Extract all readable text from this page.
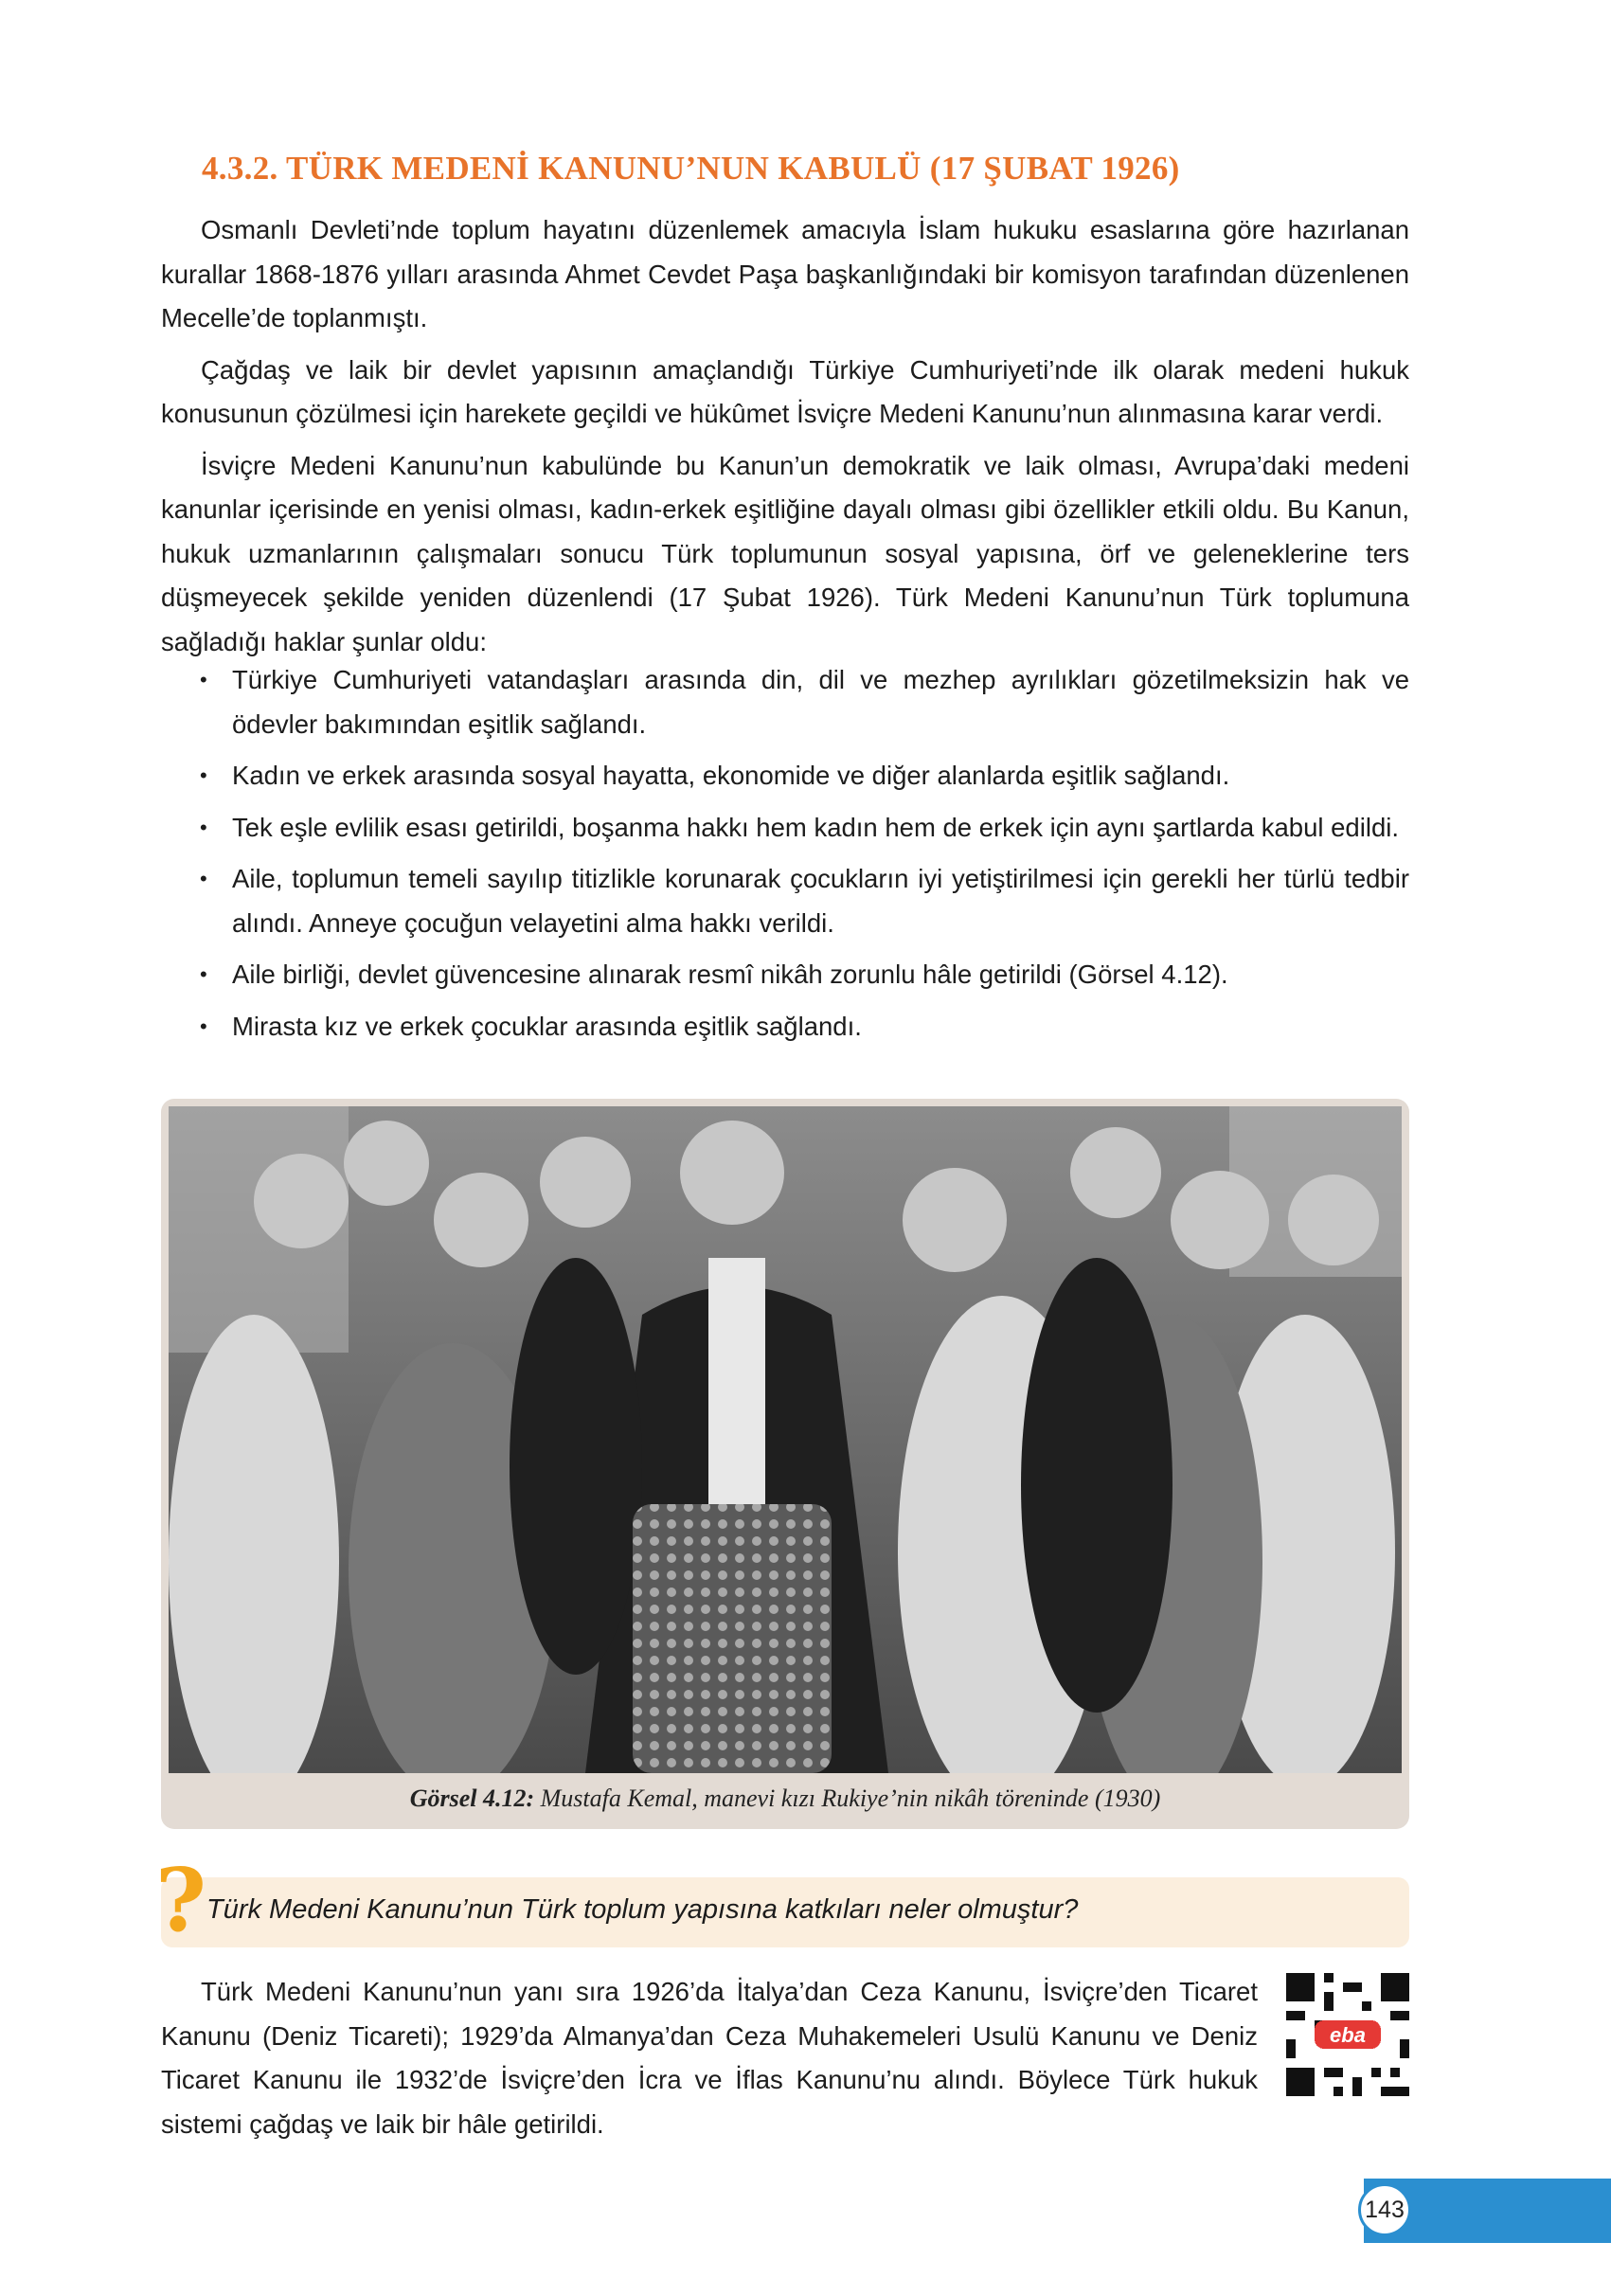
4.3.2. TÜRK MEDENİ KANUNU’NUN KABULÜ (17 ŞUBAT 1926)

Osmanlı Devleti’nde toplum hayatını düzenlemek amacıyla İslam hukuku esaslarına göre hazırlanan kurallar 1868-1876 yılları arasında Ahmet Cevdet Paşa başkanlığındaki bir komisyon tarafından düzenlenen Mecelle’de toplanmıştı.

Çağdaş ve laik bir devlet yapısının amaçlandığı Türkiye Cumhuriyeti’nde ilk olarak medeni hukuk konusunun çözülmesi için harekete geçildi ve hükûmet İsviçre Medeni Kanunu’nun alınmasına karar verdi.

İsviçre Medeni Kanunu’nun kabulünde bu Kanun’un demokratik ve laik olması, Avrupa’daki medeni kanunlar içerisinde en yenisi olması, kadın-erkek eşitliğine dayalı olması gibi özellikler etkili oldu. Bu Kanun, hukuk uzmanlarının çalışmaları sonucu Türk toplumunun sosyal yapısına, örf ve geleneklerine ters düşmeyecek şekilde yeniden düzenlendi (17 Şubat 1926). Türk Medeni Kanunu’nun Türk toplumuna sağladığı haklar şunlar oldu:

• Türkiye Cumhuriyeti vatandaşları arasında din, dil ve mezhep ayrılıkları gözetilmeksizin hak ve ödevler bakımından eşitlik sağlandı.
• Kadın ve erkek arasında sosyal hayatta, ekonomide ve diğer alanlarda eşitlik sağlandı.
• Tek eşle evlilik esası getirildi, boşanma hakkı hem kadın hem de erkek için aynı şartlarda kabul edildi.
• Aile, toplumun temeli sayılıp titizlikle korunarak çocukların iyi yetiştirilmesi için gerekli her türlü tedbir alındı. Anneye çocuğun velayetini alma hakkı verildi.
• Aile birliği, devlet güvencesine alınarak resmî nikâh zorunlu hâle getirildi (Görsel 4.12).
• Mirasta kız ve erkek çocuklar arasında eşitlik sağlandı.
Görsel 4.12: Mustafa Kemal, manevi kızı Rukiye’nin nikâh töreninde (1930)
? Türk Medeni Kanunu’nun Türk toplum yapısına katkıları neler olmuştur?

Türk Medeni Kanunu’nun yanı sıra 1926’da İtalya’dan Ceza Kanunu, İsviçre’den Ticaret Kanunu (Deniz Ticareti); 1929’da Almanya’dan Ceza Muhakemeleri Usulü Kanunu ve Deniz Ticaret Kanunu ile 1932’de İsviçre’den İcra ve İflas Kanunu’nu alındı. Böylece Türk hukuk sistemi çağdaş ve laik bir hâle getirildi.

eba
143
